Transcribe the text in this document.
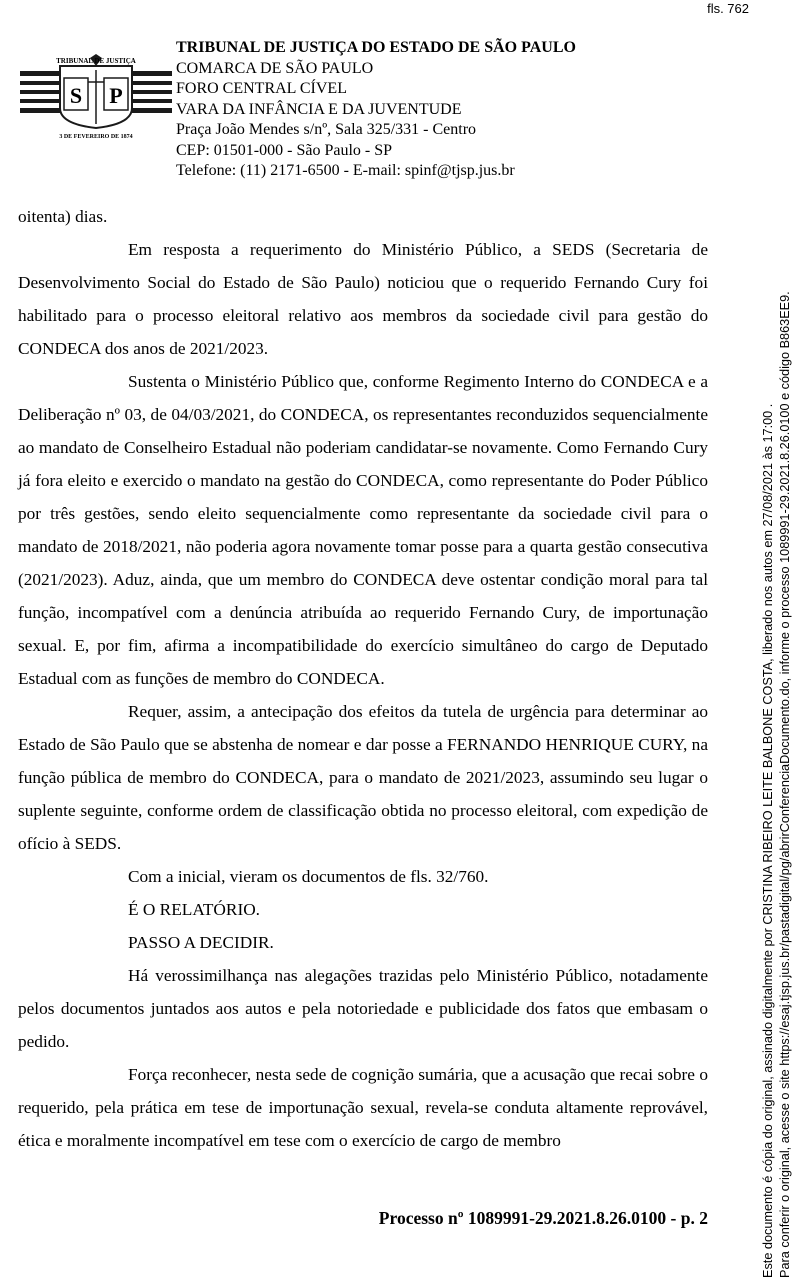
fls. 762
S P
TRIBUNAL DE JUSTIÇA
3 DE FEVEREIRO DE 1874
TRIBUNAL DE JUSTIÇA DO ESTADO DE SÃO PAULO
COMARCA DE SÃO PAULO
FORO CENTRAL CÍVEL
VARA DA INFÂNCIA E DA JUVENTUDE
Praça João Mendes s/nº, Sala 325/331 - Centro
CEP: 01501-000 - São Paulo - SP
Telefone: (11) 2171-6500 - E-mail: spinf@tjsp.jus.br

oitenta) dias.

Em resposta a requerimento do Ministério Público, a SEDS (Secretaria de Desenvolvimento Social do Estado de São Paulo) noticiou que o requerido Fernando Cury foi habilitado para o processo eleitoral relativo aos membros da sociedade civil para gestão do CONDECA dos anos de 2021/2023.

Sustenta o Ministério Público que, conforme Regimento Interno do CONDECA e a Deliberação nº 03, de 04/03/2021, do CONDECA, os representantes reconduzidos sequencialmente ao mandato de Conselheiro Estadual não poderiam candidatar-se novamente. Como Fernando Cury já fora eleito e exercido o mandato na gestão do CONDECA, como representante do Poder Público por três gestões, sendo eleito sequencialmente como representante da sociedade civil para o mandato de 2018/2021, não poderia agora novamente tomar posse para a quarta gestão consecutiva (2021/2023). Aduz, ainda, que um membro do CONDECA deve ostentar condição moral para tal função, incompatível com a denúncia atribuída ao requerido Fernando Cury, de importunação sexual. E, por fim, afirma a incompatibilidade do exercício simultâneo do cargo de Deputado Estadual com as funções de membro do CONDECA.

Requer, assim, a antecipação dos efeitos da tutela de urgência para determinar ao Estado de São Paulo que se abstenha de nomear e dar posse a FERNANDO HENRIQUE CURY, na função pública de membro do CONDECA, para o mandato de 2021/2023, assumindo seu lugar o suplente seguinte, conforme ordem de classificação obtida no processo eleitoral, com expedição de ofício à SEDS.

Com a inicial, vieram os documentos de fls. 32/760.

É O RELATÓRIO.

PASSO A DECIDIR.

Há verossimilhança nas alegações trazidas pelo Ministério Público, notadamente pelos documentos juntados aos autos e pela notoriedade e publicidade dos fatos que embasam o pedido.

Força reconhecer, nesta sede de cognição sumária, que a acusação que recai sobre o requerido, pela prática em tese de importunação sexual, revela-se conduta altamente reprovável, ética e moralmente incompatível em tese com o exercício de cargo de membro

Processo nº 1089991-29.2021.8.26.0100 - p. 2	Este documento é cópia do original, assinado digitalmente por CRISTINA RIBEIRO LEITE BALBONE COSTA, liberado nos autos em 27/08/2021 às 17:00 . Para conferir o original, acesse o site https://esaj.tjsp.jus.br/pastadigital/pg/abrirConferenciaDocumento.do, informe o processo 1089991-29.2021.8.26.0100 e código B863EE9.
